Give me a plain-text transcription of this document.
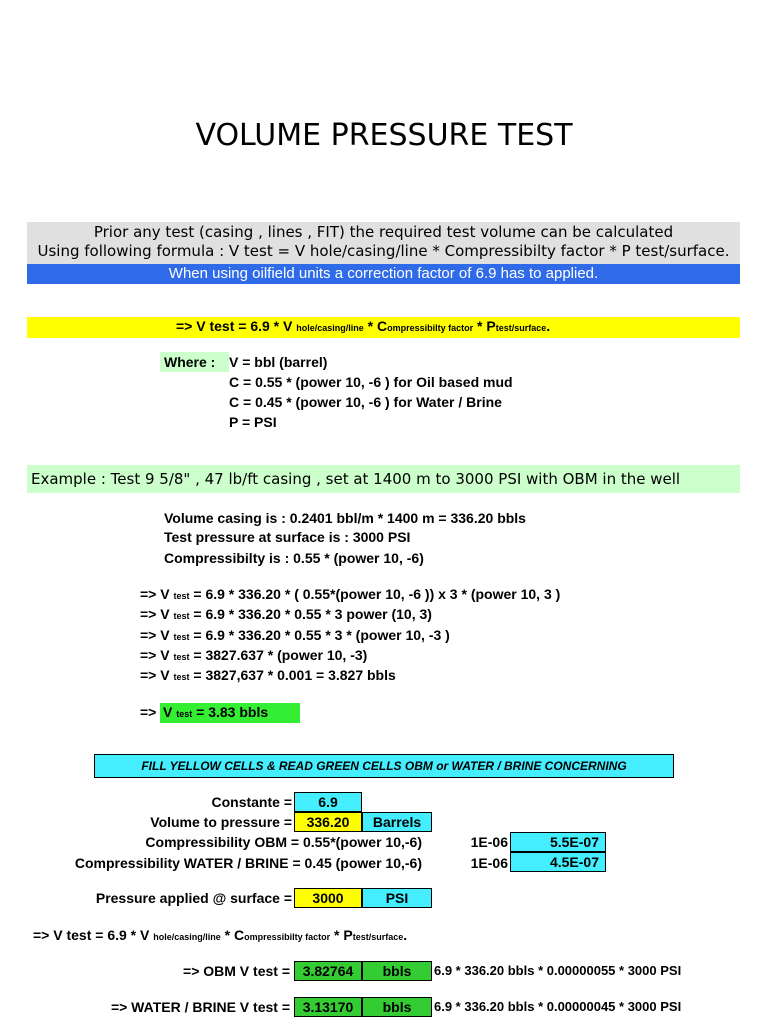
VOLUME PRESSURE TEST
Prior any test (casing , lines , FIT) the required test volume can be calculated
Using following formula : V test = V hole/casing/line * Compressibilty factor * P test/surface.
When using oilfield units a correction factor of 6.9 has to applied.
=> V test = 6.9 * V hole/casing/line * Compressibilty factor * Ptest/surface.
Where : V = bbl (barrel)
C = 0.55 * (power 10, -6 ) for Oil based mud
C = 0.45 * (power 10, -6 ) for Water / Brine
P = PSI
Example : Test 9 5/8" , 47 lb/ft casing , set at 1400 m to 3000 PSI with OBM in the well
Volume casing is : 0.2401 bbl/m * 1400 m = 336.20 bbls
Test pressure at surface is : 3000 PSI
Compressibilty is : 0.55 * (power 10, -6)
=> V test = 6.9 * 336.20 * ( 0.55*(power 10, -6 )) x 3 * (power 10, 3 )
=> V test = 6.9 * 336.20 * 0.55 * 3 power (10, 3)
=> V test = 6.9 * 336.20 * 0.55 * 3 * (power 10, -3 )
=> V test = 3827.637 * (power 10, -3)
=> V test = 3827,637 * 0.001 = 3.827 bbls
=> V test = 3.83 bbls
FILL YELLOW CELLS & READ GREEN CELLS OBM or WATER / BRINE CONCERNING
Constante =	6.9
Volume to pressure =	336.20	Barrels
Compressibility OBM = 0.55*(power 10,-6)	1E-06	5.5E-07
Compressibility WATER / BRINE = 0.45 (power 10,-6)	1E-06	4.5E-07
Pressure applied @ surface =	3000	PSI
=> V test = 6.9 * V hole/casing/line * Compressibilty factor * Ptest/surface.
=> OBM V test = 3.82764	bbls	6.9 * 336.20 bbls * 0.00000055 * 3000 PSI
=> WATER / BRINE V test = 3.13170	bbls	6.9 * 336.20 bbls * 0.00000045 * 3000 PSI
